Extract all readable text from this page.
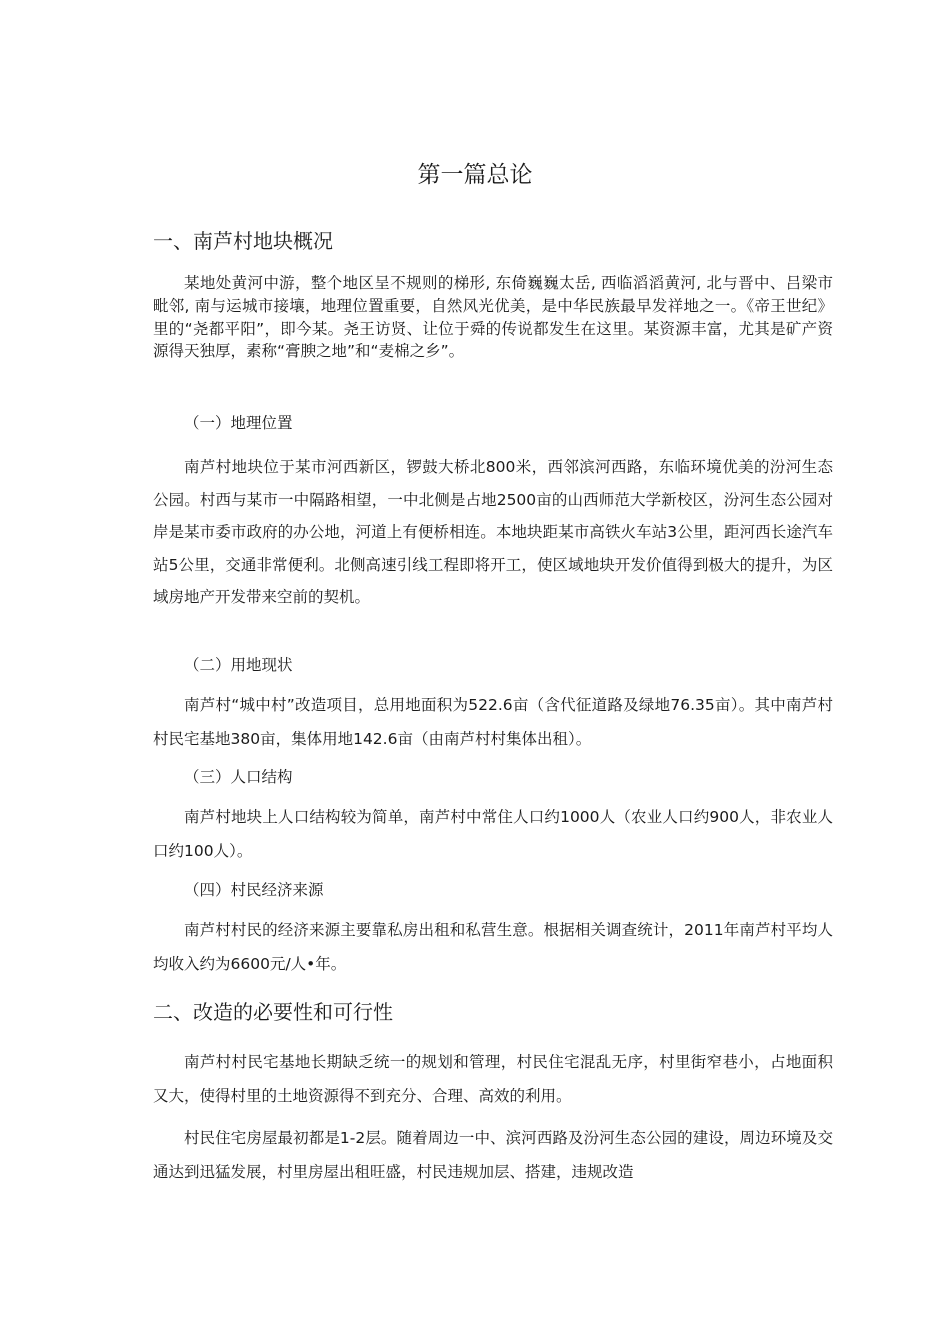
第一篇总论
一、南芦村地块概况

某地处黄河中游，整个地区呈不规则的梯形, 东倚巍巍太岳, 西临滔滔黄河, 北与晋中、吕梁市毗邻, 南与运城市接壤，地理位置重要，自然风光优美，是中华民族最早发祥地之一。《帝王世纪》里的“尧都平阳”，即今某。尧王访贤、让位于舜的传说都发生在这里。某资源丰富，尤其是矿产资源得天独厚，素称“膏腴之地”和“麦棉之乡”。

（一）地理位置

南芦村地块位于某市河西新区，锣鼓大桥北800米，西邻滨河西路，东临环境优美的汾河生态公园。村西与某市一中隔路相望，一中北侧是占地2500亩的山西师范大学新校区，汾河生态公园对岸是某市委市政府的办公地，河道上有便桥相连。本地块距某市高铁火车站3公里，距河西长途汽车站5公里，交通非常便利。北侧高速引线工程即将开工，使区域地块开发价值得到极大的提升，为区域房地产开发带来空前的契机。

（二）用地现状

南芦村“城中村”改造项目，总用地面积为522.6亩（含代征道路及绿地76.35亩）。其中南芦村村民宅基地380亩，集体用地142.6亩（由南芦村村集体出租）。

（三）人口结构

南芦村地块上人口结构较为简单，南芦村中常住人口约1000人（农业人口约900人，非农业人口约100人）。

（四）村民经济来源

南芦村村民的经济来源主要靠私房出租和私营生意。根据相关调查统计，2011年南芦村平均人均收入约为6600元/人•年。

二、改造的必要性和可行性

南芦村村民宅基地长期缺乏统一的规划和管理，村民住宅混乱无序，村里街窄巷小，占地面积又大，使得村里的土地资源得不到充分、合理、高效的利用。

村民住宅房屋最初都是1-2层。随着周边一中、滨河西路及汾河生态公园的建设，周边环境及交通达到迅猛发展，村里房屋出租旺盛，村民违规加层、搭建，违规改造
